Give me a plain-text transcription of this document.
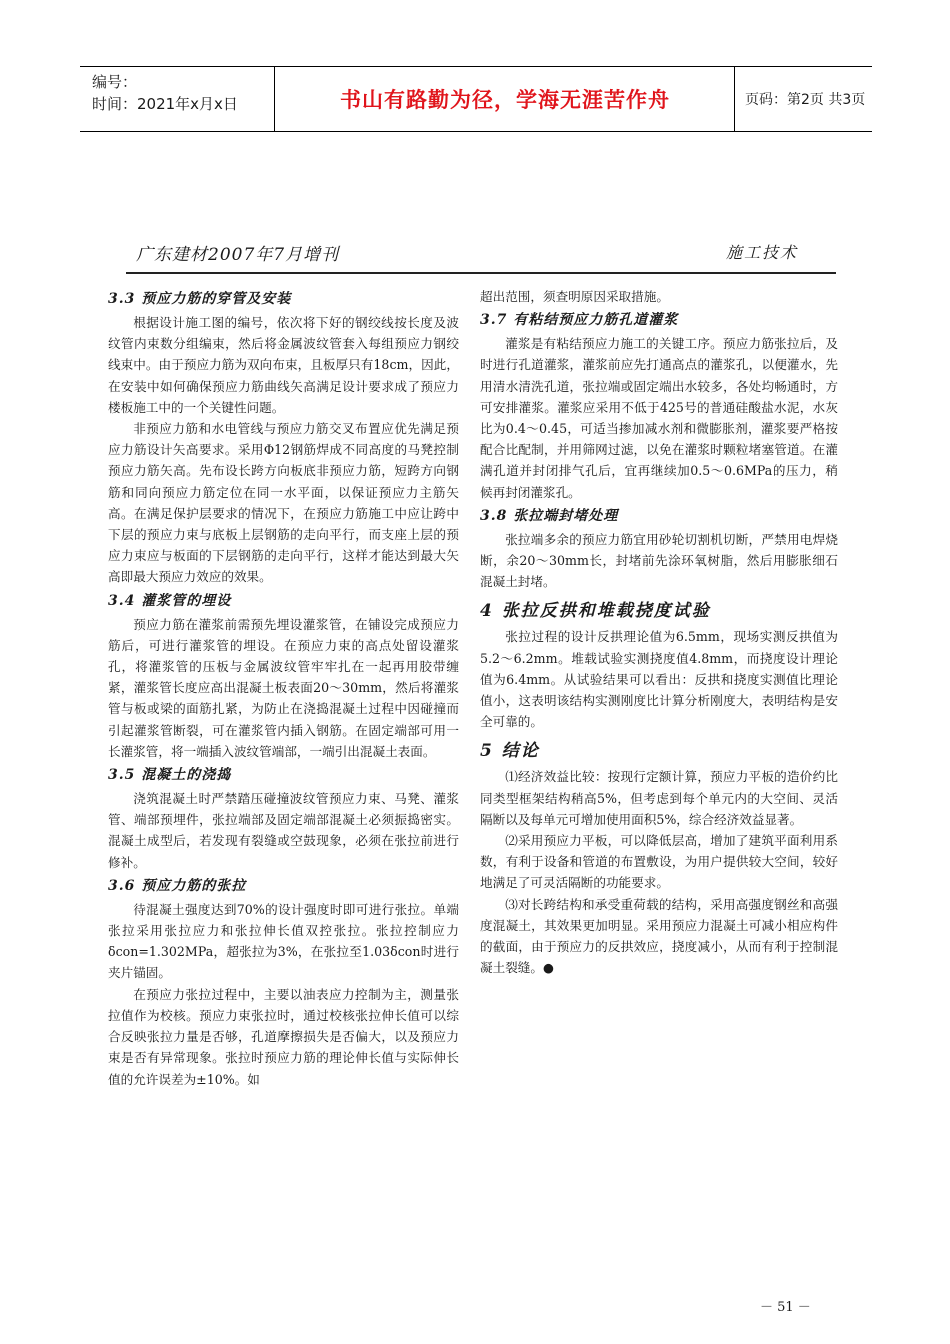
编号：
时间：2021年x月x日	书山有路勤为径，学海无涯苦作舟	页码：第2页 共3页
广东建材2007年7月增刊	施工技术
3.3 预应力筋的穿管及安装

根据设计施工图的编号，依次将下好的钢绞线按长度及波纹管内束数分组编束，然后将金属波纹管套入每组预应力钢绞线束中。由于预应力筋为双向布束，且板厚只有18cm，因此，在安装中如何确保预应力筋曲线矢高满足设计要求成了预应力楼板施工中的一个关键性问题。

非预应力筋和水电管线与预应力筋交叉布置应优先满足预应力筋设计矢高要求。采用Φ12钢筋焊成不同高度的马凳控制预应力筋矢高。先布设长跨方向板底非预应力筋，短跨方向钢筋和同向预应力筋定位在同一水平面，以保证预应力主筋矢高。在满足保护层要求的情况下，在预应力筋施工中应让跨中下层的预应力束与底板上层钢筋的走向平行，而支座上层的预应力束应与板面的下层钢筋的走向平行，这样才能达到最大矢高即最大预应力效应的效果。

3.4 灌浆管的埋设

预应力筋在灌浆前需预先埋设灌浆管，在铺设完成预应力筋后，可进行灌浆管的埋设。在预应力束的高点处留设灌浆孔，将灌浆管的压板与金属波纹管牢牢扎在一起再用胶带缠紧，灌浆管长度应高出混凝土板表面20～30mm，然后将灌浆管与板或梁的面筋扎紧，为防止在浇捣混凝土过程中因碰撞而引起灌浆管断裂，可在灌浆管内插入钢筋。在固定端部可用一长灌浆管，将一端插入波纹管端部，一端引出混凝土表面。

3.5 混凝土的浇捣

浇筑混凝土时严禁踏压碰撞波纹管预应力束、马凳、灌浆管、端部预埋件，张拉端部及固定端部混凝土必须振捣密实。混凝土成型后，若发现有裂缝或空鼓现象，必须在张拉前进行修补。

3.6 预应力筋的张拉

待混凝土强度达到70%的设计强度时即可进行张拉。单端张拉采用张拉应力和张拉伸长值双控张拉。张拉控制应力 δcon=1.302MPa，超张拉为3%，在张拉至1.03δcon时进行夹片锚固。

在预应力张拉过程中，主要以油表应力控制为主，测量张拉值作为校核。预应力束张拉时，通过校核张拉伸长值可以综合反映张拉力量是否够，孔道摩擦损失是否偏大，以及预应力束是否有异常现象。张拉时预应力筋的理论伸长值与实际伸长值的允许误差为±10%。如

超出范围，须查明原因采取措施。

3.7 有粘结预应力筋孔道灌浆

灌浆是有粘结预应力施工的关键工序。预应力筋张拉后，及时进行孔道灌浆，灌浆前应先打通高点的灌浆孔，以便灌水，先用清水清洗孔道，张拉端或固定端出水较多，各处均畅通时，方可安排灌浆。灌浆应采用不低于425号的普通硅酸盐水泥，水灰比为0.4～0.45，可适当掺加减水剂和微膨胀剂，灌浆要严格按配合比配制，并用筛网过滤，以免在灌浆时颗粒堵塞管道。在灌满孔道并封闭排气孔后，宜再继续加0.5～0.6MPa的压力，稍候再封闭灌浆孔。

3.8 张拉端封堵处理

张拉端多余的预应力筋宜用砂轮切割机切断，严禁用电焊烧断，余20～30mm长，封堵前先涂环氧树脂，然后用膨胀细石混凝土封堵。

4 张拉反拱和堆载挠度试验

张拉过程的设计反拱理论值为6.5mm，现场实测反拱值为5.2～6.2mm。堆载试验实测挠度值4.8mm，而挠度设计理论值为6.4mm。从试验结果可以看出：反拱和挠度实测值比理论值小，这表明该结构实测刚度比计算分析刚度大，表明结构是安全可靠的。

5 结论

⑴经济效益比较：按现行定额计算，预应力平板的造价约比同类型框架结构稍高5%，但考虑到每个单元内的大空间、灵活隔断以及每单元可增加使用面积5%，综合经济效益显著。

⑵采用预应力平板，可以降低层高，增加了建筑平面利用系数，有利于设备和管道的布置敷设，为用户提供较大空间，较好地满足了可灵活隔断的功能要求。

⑶对长跨结构和承受重荷载的结构，采用高强度钢丝和高强度混凝土，其效果更加明显。采用预应力混凝土可减小相应构件的截面，由于预应力的反拱效应，挠度减小，从而有利于控制混凝土裂缝。●

－ 51 －
